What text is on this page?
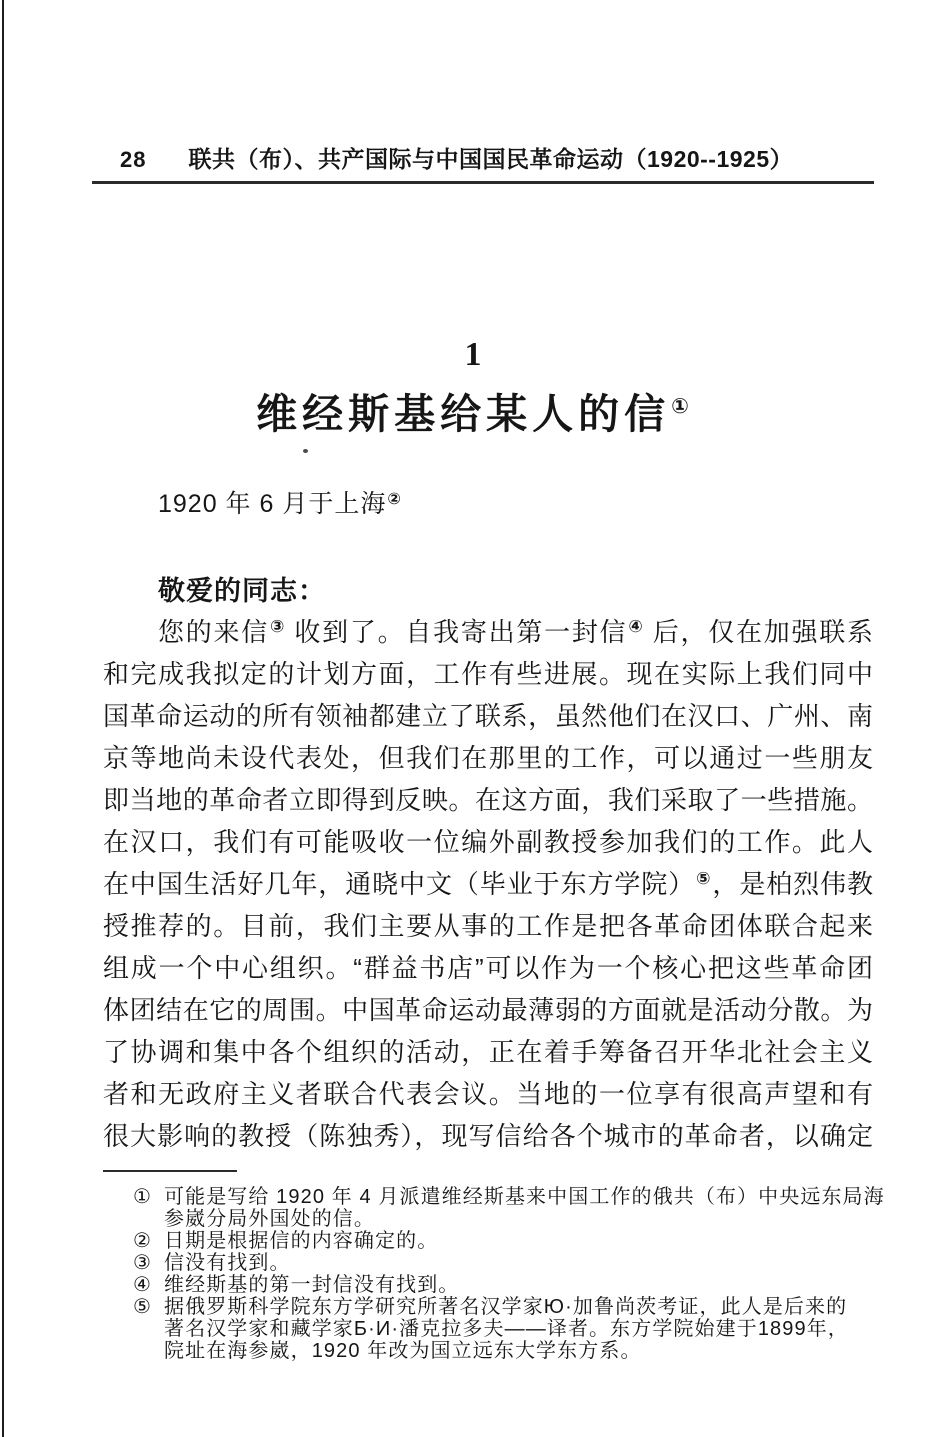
28 联共（布）、共产国际与中国国民革命运动（1920--1925）
1
维经斯基给某人的信①
1920 年 6 月于上海②
敬爱的同志：
您的来信③ 收到了。自我寄出第一封信④ 后，仅在加强联系
和完成我拟定的计划方面，工作有些进展。现在实际上我们同中
国革命运动的所有领袖都建立了联系，虽然他们在汉口、广州、南
京等地尚未设代表处，但我们在那里的工作，可以通过一些朋友
即当地的革命者立即得到反映。在这方面，我们采取了一些措施。
在汉口，我们有可能吸收一位编外副教授参加我们的工作。此人
在中国生活好几年，通晓中文（毕业于东方学院）⑤，是柏烈伟教
授推荐的。目前，我们主要从事的工作是把各革命团体联合起来
组成一个中心组织。“群益书店”可以作为一个核心把这些革命团
体团结在它的周围。中国革命运动最薄弱的方面就是活动分散。为
了协调和集中各个组织的活动，正在着手筹备召开华北社会主义
者和无政府主义者联合代表会议。当地的一位享有很高声望和有
很大影响的教授（陈独秀），现写信给各个城市的革命者，以确定
① 可能是写给 1920 年 4 月派遣维经斯基来中国工作的俄共（布）中央远东局海
参崴分局外国处的信。
② 日期是根据信的内容确定的。
③ 信没有找到。
④ 维经斯基的第一封信没有找到。
⑤ 据俄罗斯科学院东方学研究所著名汉学家Ю·加鲁尚茨考证，此人是后来的
著名汉学家和藏学家Б·И·潘克拉多夫——译者。东方学院始建于1899年，
院址在海参崴，1920 年改为国立远东大学东方系。
